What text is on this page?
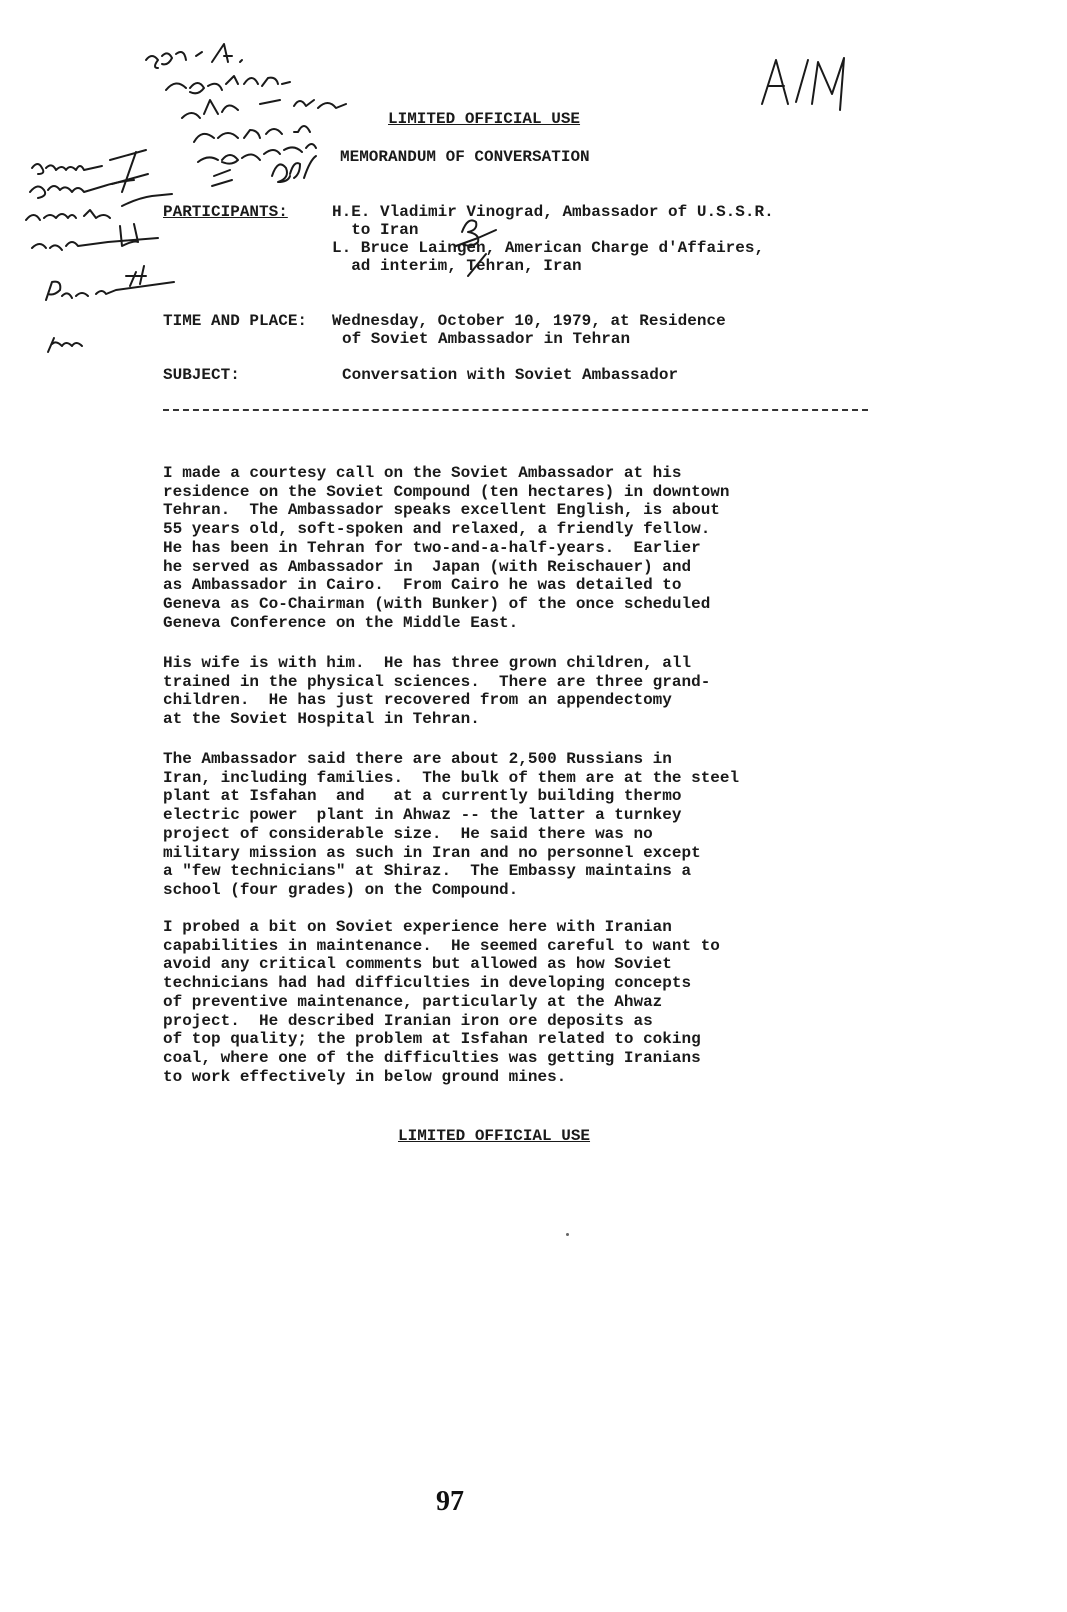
LIMITED OFFICIAL USE
MEMORANDUM OF CONVERSATION
PARTICIPANTS:	H.E. Vladimir Vinograd, Ambassador of U.S.S.R.
to Iran
L. Bruce Laingen, American Charge d'Affaires,
ad interim, Tehran, Iran
TIME AND PLACE: Wednesday, October 10, 1979, at Residence
of Soviet Ambassador in Tehran
SUBJECT:	Conversation with Soviet Ambassador
I made a courtesy call on the Soviet Ambassador at his
residence on the Soviet Compound (ten hectares) in downtown
Tehran.  The Ambassador speaks excellent English, is about
55 years old, soft-spoken and relaxed, a friendly fellow.
He has been in Tehran for two-and-a-half-years.  Earlier
he served as Ambassador in  Japan (with Reischauer) and
as Ambassador in Cairo.  From Cairo he was detailed to
Geneva as Co-Chairman (with Bunker) of the once scheduled
Geneva Conference on the Middle East.
His wife is with him.  He has three grown children, all
trained in the physical sciences.  There are three grand-
children.  He has just recovered from an appendectomy
at the Soviet Hospital in Tehran.
The Ambassador said there are about 2,500 Russians in
Iran, including families.  The bulk of them are at the steel
plant at Isfahan  and   at a currently building thermo
electric power  plant in Ahwaz -- the latter a turnkey
project of considerable size.  He said there was no
military mission as such in Iran and no personnel except
a "few technicians" at Shiraz.  The Embassy maintains a
school (four grades) on the Compound.
I probed a bit on Soviet experience here with Iranian
capabilities in maintenance.  He seemed careful to want to
avoid any critical comments but allowed as how Soviet
technicians had had difficulties in developing concepts
of preventive maintenance, particularly at the Ahwaz
project.  He described Iranian iron ore deposits as
of top quality; the problem at Isfahan related to coking
coal, where one of the difficulties was getting Iranians
to work effectively in below ground mines.
LIMITED OFFICIAL USE
97
